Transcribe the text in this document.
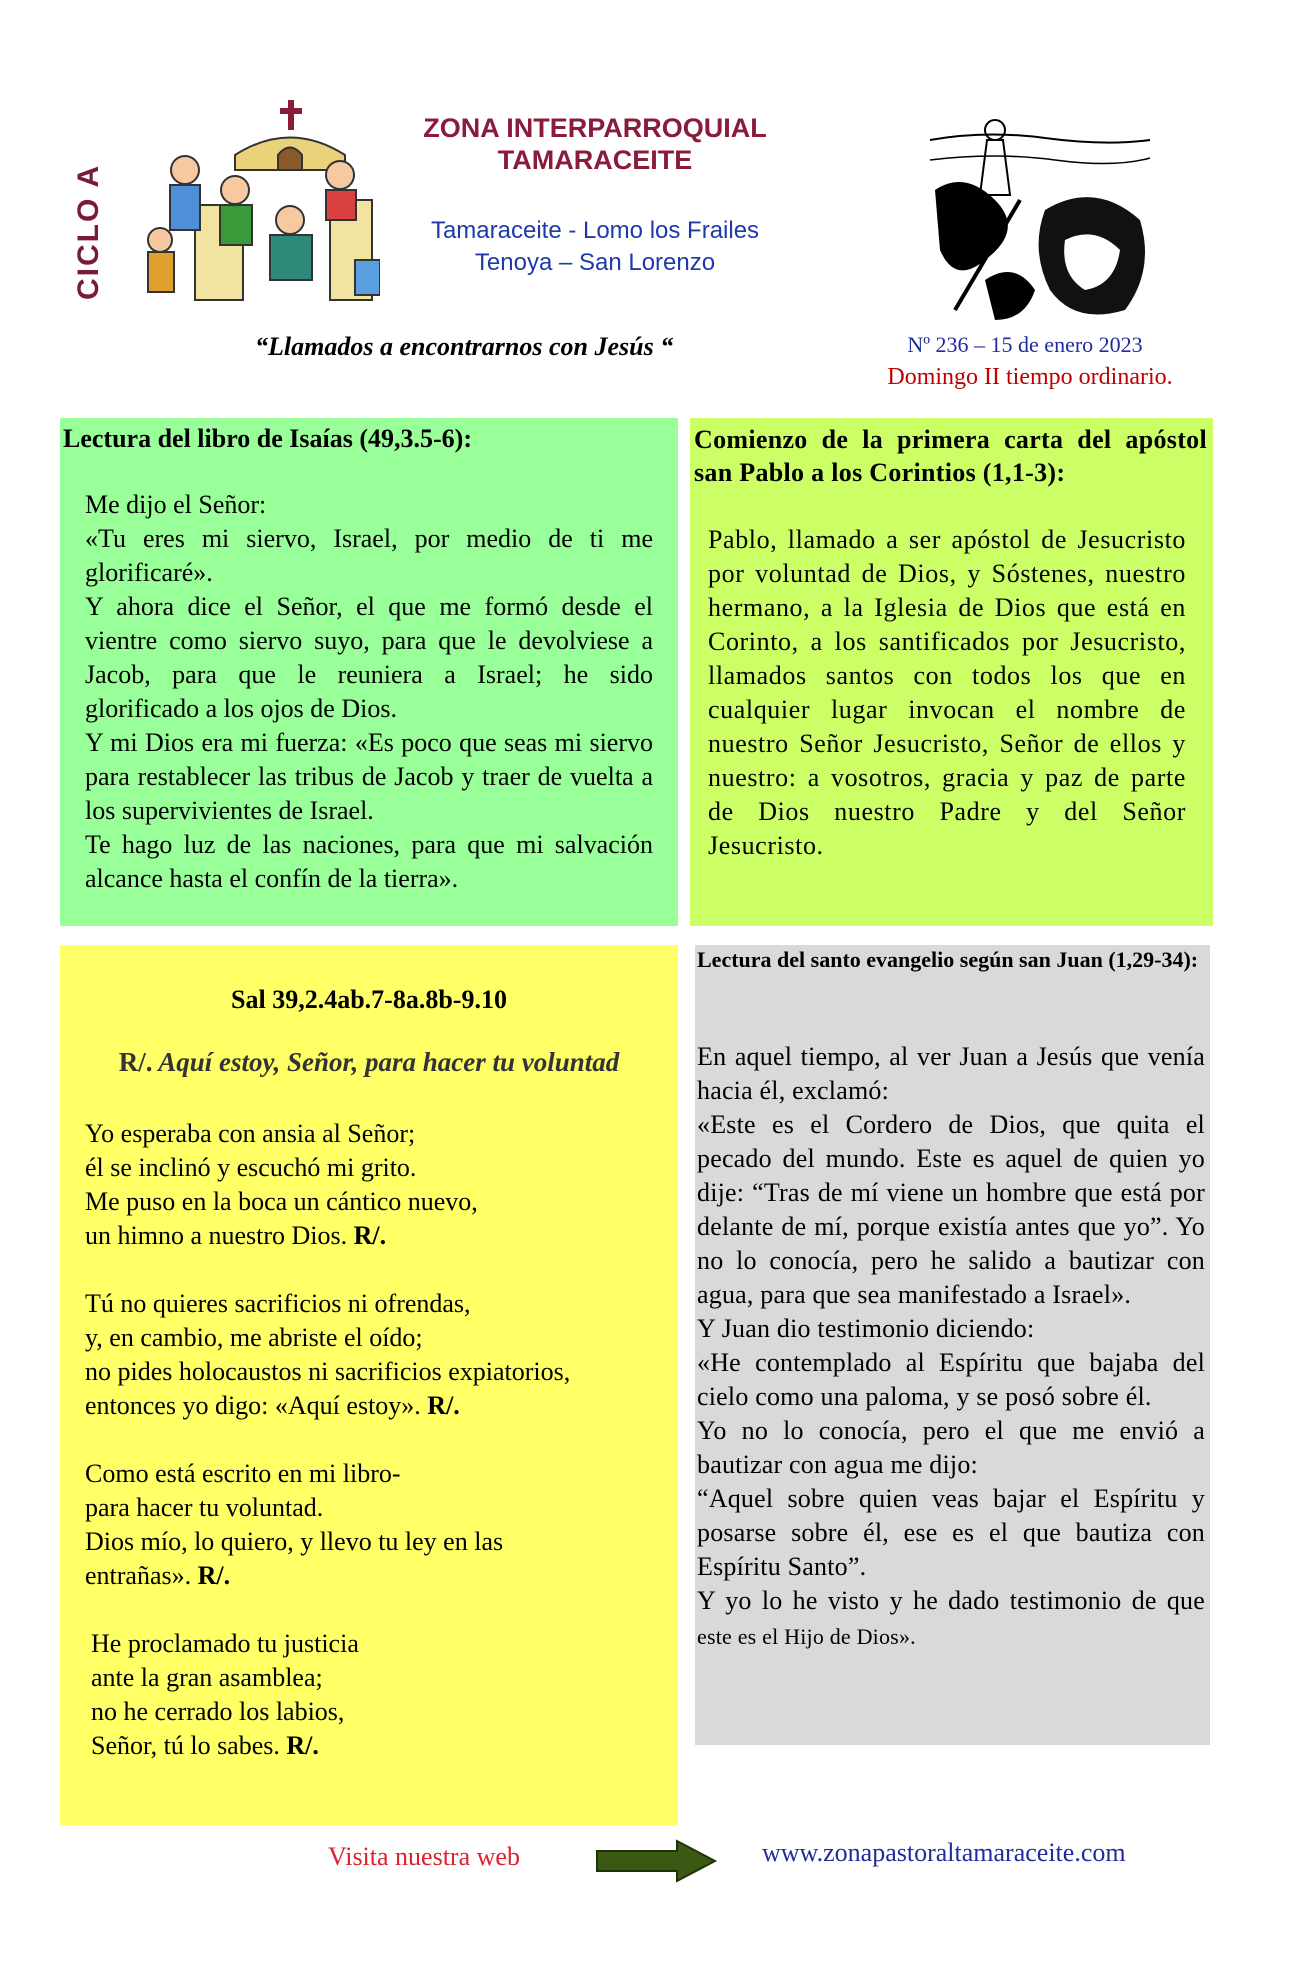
CICLO A
ZONA INTERPARROQUIAL
TAMARACEITE
Tamaraceite - Lomo los Frailes
Tenoya – San Lorenzo
“Llamados a encontrarnos con Jesús “	Nº 236 – 15 de enero 2023
Domingo II tiempo ordinario.
Lectura del libro de Isaías (49,3.5-6):
Me dijo el Señor:
«Tu eres mi siervo, Israel, por medio de ti me glorificaré».
Y ahora dice el Señor, el que me formó desde el vientre como siervo suyo, para que le devolviese a Jacob, para que le reuniera a Israel; he sido glorificado a los ojos de Dios.
Y mi Dios era mi fuerza: «Es poco que seas mi siervo para restablecer las tribus de Jacob y traer de vuelta a los supervivientes de Israel.
Te hago luz de las naciones, para que mi salvación alcance hasta el confín de la tierra».
Comienzo de la primera carta del apóstol san Pablo a los Corintios (1,1-3):
Pablo, llamado a ser apóstol de Jesucristo por voluntad de Dios, y Sóstenes, nuestro hermano, a la Iglesia de Dios que está en Corinto, a los santificados por Jesucristo, llamados santos con todos los que en cualquier lugar invocan el nombre de nuestro Señor Jesucristo, Señor de ellos y nuestro: a vosotros, gracia y paz de parte de Dios nuestro Padre y del Señor Jesucristo.
Sal 39,2.4ab.7-8a.8b-9.10
R/. Aquí estoy, Señor, para hacer tu voluntad
Yo esperaba con ansia al Señor;
él se inclinó y escuchó mi grito.
Me puso en la boca un cántico nuevo,
un himno a nuestro Dios. R/.
Tú no quieres sacrificios ni ofrendas,
y, en cambio, me abriste el oído;
no pides holocaustos ni sacrificios expiatorios,
entonces yo digo: «Aquí estoy». R/.
Como está escrito en mi libro-
para hacer tu voluntad.
Dios mío, lo quiero, y llevo tu ley en las
entrañas». R/.
He proclamado tu justicia
ante la gran asamblea;
no he cerrado los labios,
Señor, tú lo sabes. R/.
Lectura del santo evangelio según san Juan (1,29-34):
En aquel tiempo, al ver Juan a Jesús que venía hacia él, exclamó:
«Este es el Cordero de Dios, que quita el pecado del mundo. Este es aquel de quien yo dije: “Tras de mí viene un hombre que está por delante de mí, porque existía antes que yo”. Yo no lo conocía, pero he salido a bautizar con agua, para que sea manifestado a Israel».
Y Juan dio testimonio diciendo:
«He contemplado al Espíritu que bajaba del cielo como una paloma, y se posó sobre él.
Yo no lo conocía, pero el que me envió a bautizar con agua me dijo:
“Aquel sobre quien veas bajar el Espíritu y posarse sobre él, ese es el que bautiza con Espíritu Santo”.
Y yo lo he visto y he dado testimonio de que este es el Hijo de Dios».
Visita nuestra web	www.zonapastoraltamaraceite.com
